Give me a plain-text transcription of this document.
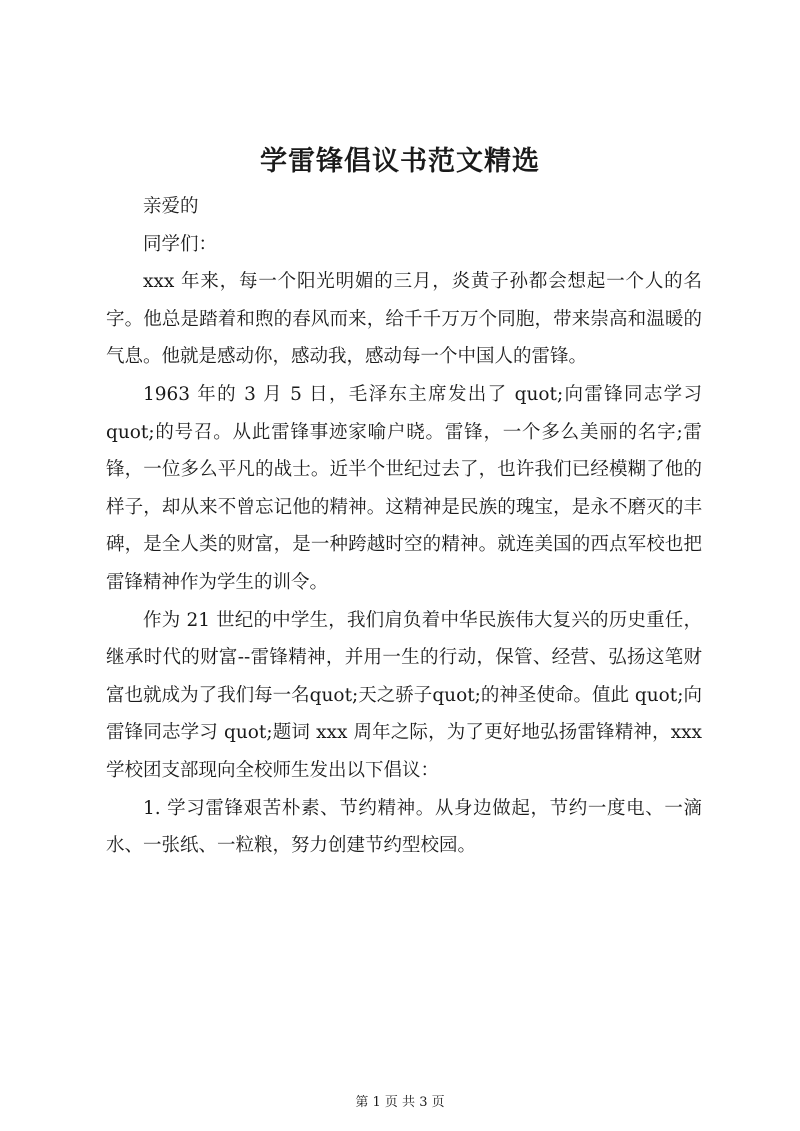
学雷锋倡议书范文精选

亲爱的

同学们：

xxx 年来，每一个阳光明媚的三月，炎黄子孙都会想起一个人的名字。他总是踏着和煦的春风而来，给千千万万个同胞，带来崇高和温暖的气息。他就是感动你，感动我，感动每一个中国人的雷锋。

1963 年的 3 月 5 日，毛泽东主席发出了 quot;向雷锋同志学习 quot;的号召。从此雷锋事迹家喻户晓。雷锋，一个多么美丽的名字;雷锋，一位多么平凡的战士。近半个世纪过去了，也许我们已经模糊了他的样子，却从来不曾忘记他的精神。这精神是民族的瑰宝，是永不磨灭的丰碑，是全人类的财富，是一种跨越时空的精神。就连美国的西点军校也把雷锋精神作为学生的训令。

作为 21 世纪的中学生，我们肩负着中华民族伟大复兴的历史重任，继承时代的财富--雷锋精神，并用一生的行动，保管、经营、弘扬这笔财富也就成为了我们每一名quot;天之骄子quot;的神圣使命。值此 quot;向雷锋同志学习 quot;题词 xxx 周年之际，为了更好地弘扬雷锋精神，xxx 学校团支部现向全校师生发出以下倡议：

1. 学习雷锋艰苦朴素、节约精神。从身边做起，节约一度电、一滴水、一张纸、一粒粮，努力创建节约型校园。

第 1 页 共 3 页
